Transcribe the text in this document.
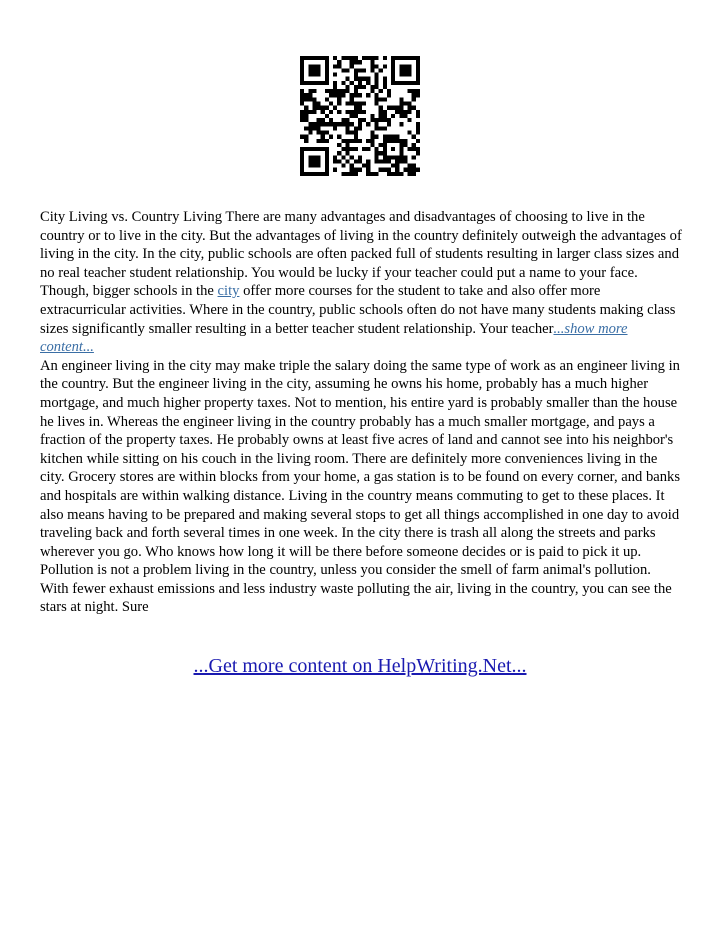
City Living vs. Country Living There are many advantages and disadvantages of choosing to live in the country or to live in the city. But the advantages of living in the country definitely outweigh the advantages of living in the city. In the city, public schools are often packed full of students resulting in larger class sizes and no real teacher student relationship. You would be lucky if your teacher could put a name to your face. Though, bigger schools in the city offer more courses for the student to take and also offer more extracurricular activities. Where in the country, public schools often do not have many students making class sizes significantly smaller resulting in a better teacher student relationship. Your teacher...show more content...

An engineer living in the city may make triple the salary doing the same type of work as an engineer living in the country. But the engineer living in the city, assuming he owns his home, probably has a much higher mortgage, and much higher property taxes. Not to mention, his entire yard is probably smaller than the house he lives in. Whereas the engineer living in the country probably has a much smaller mortgage, and pays a fraction of the property taxes. He probably owns at least five acres of land and cannot see into his neighbor's kitchen while sitting on his couch in the living room. There are definitely more conveniences living in the city. Grocery stores are within blocks from your home, a gas station is to be found on every corner, and banks and hospitals are within walking distance. Living in the country means commuting to get to these places. It also means having to be prepared and making several stops to get all things accomplished in one day to avoid traveling back and forth several times in one week. In the city there is trash all along the streets and parks wherever you go. Who knows how long it will be there before someone decides or is paid to pick it up. Pollution is not a problem living in the country, unless you consider the smell of farm animal's pollution. With fewer exhaust emissions and less industry waste polluting the air, living in the country, you can see the stars at night. Sure

...Get more content on HelpWriting.Net...
